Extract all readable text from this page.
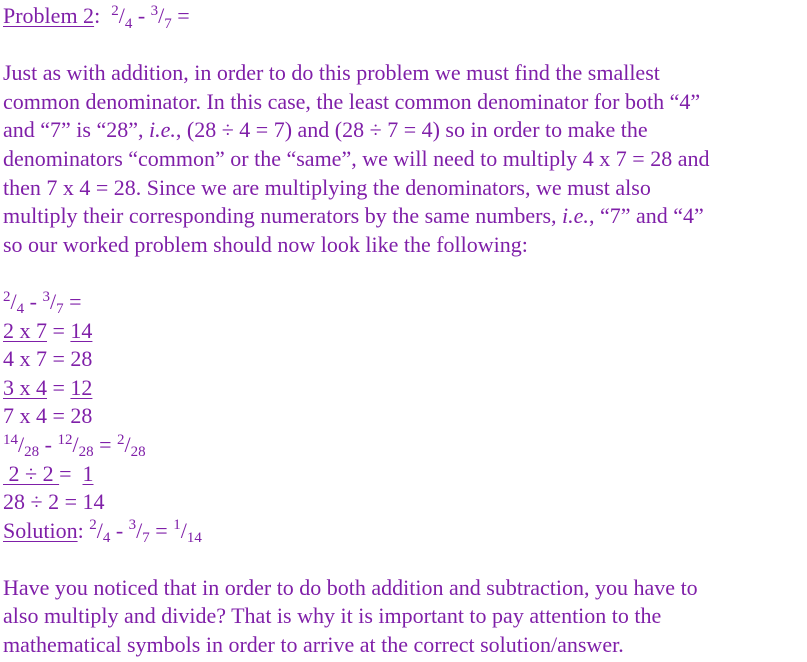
Problem 2: $^2/_4 - ^3/_7$ =
Just as with addition, in order to do this problem we must find the smallest
common denominator. In this case, the least common denominator for both “4”
and “7” is “28”, i.e., (28 ÷ 4 = 7) and (28 ÷ 7 = 4) so in order to make the
denominators “common” or the “same”, we will need to multiply 4 x 7 = 28 and
then 7 x 4 = 28. Since we are multiplying the denominators, we must also
multiply their corresponding numerators by the same numbers, i.e., “7” and “4”
so our worked problem should now look like the following:
$^2/_4 - ^3/_7$ =
2 x 7 = 14
4 x 7 = 28
3 x 4 = 12
7 x 4 = 28
$^{14}/_{28} - ^{12}/_{28} = ^2/_{28}$
2 ÷ 2 =  1
28 ÷ 2 = 14
Solution: $^2/_4 - ^3/_7 = ^1/_{14}$
Have you noticed that in order to do both addition and subtraction, you have to
also multiply and divide? That is why it is important to pay attention to the
mathematical symbols in order to arrive at the correct solution/answer.
